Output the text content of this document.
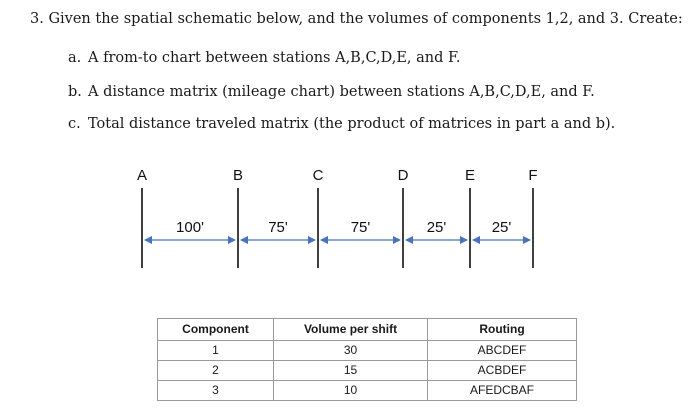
3. Given the spatial schematic below, and the volumes of components 1,2, and 3. Create:
a. A from-to chart between stations A,B,C,D,E, and F.
b. A distance matrix (mileage chart) between stations A,B,C,D,E, and F.
c. Total distance traveled matrix (the product of matrices in part a and b).
A	B	C	D	E	F
100'	75'	75'	25'	25'
Component	Volume per shift	Routing
1	30	ABCDEF
2	15	ACBDEF
3	10	AFEDCBAF
